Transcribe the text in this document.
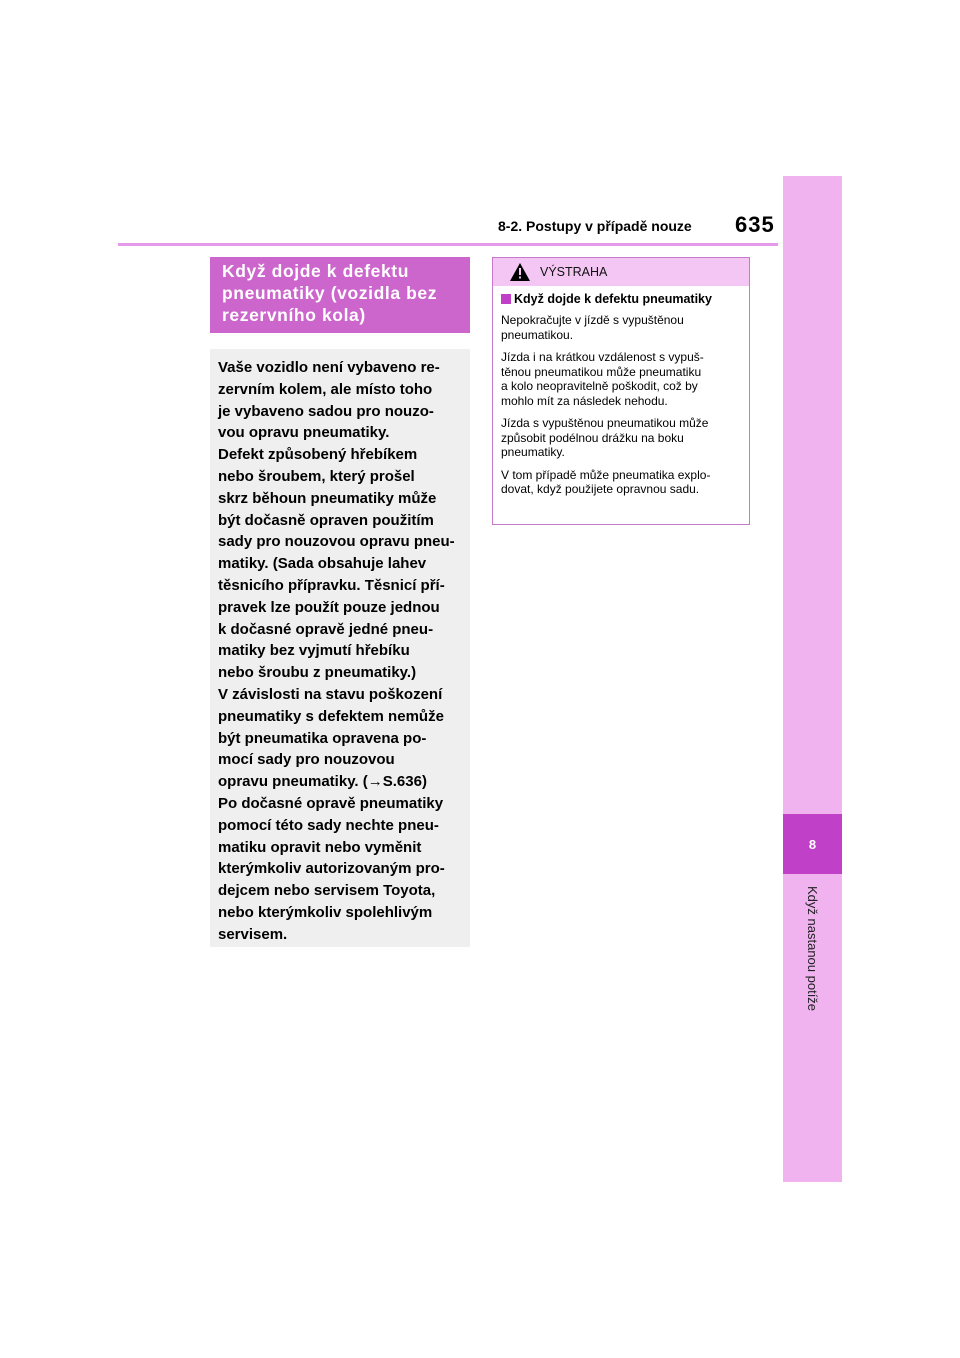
8-2. Postupy v případě nouze 635
8
Když nastanou potíže
Když dojde k defektu
pneumatiky (vozidla bez
rezervního kola)
Vaše vozidlo není vybaveno re-
zervním kolem, ale místo toho
je vybaveno sadou pro nouzo-
vou opravu pneumatiky.
Defekt způsobený hřebíkem
nebo šroubem, který prošel
skrz běhoun pneumatiky může
být dočasně opraven použitím
sady pro nouzovou opravu pneu-
matiky. (Sada obsahuje lahev
těsnicího přípravku. Těsnicí pří-
pravek lze použít pouze jednou
k dočasné opravě jedné pneu-
matiky bez vyjmutí hřebíku
nebo šroubu z pneumatiky.)
V závislosti na stavu poškození
pneumatiky s defektem nemůže
být pneumatika opravena po-
mocí sady pro nouzovou
opravu pneumatiky. (→S.636)
Po dočasné opravě pneumatiky
pomocí této sady nechte pneu-
matiku opravit nebo vyměnit
kterýmkoliv autorizovaným pro-
dejcem nebo servisem Toyota,
nebo kterýmkoliv spolehlivým
servisem.
VÝSTRAHA
Když dojde k defektu pneumatiky
Nepokračujte v jízdě s vypuštěnou
pneumatikou.
Jízda i na krátkou vzdálenost s vypuš-
těnou pneumatikou může pneumatiku
a kolo neopravitelně poškodit, což by
mohlo mít za následek nehodu.
Jízda s vypuštěnou pneumatikou může
způsobit podélnou drážku na boku
pneumatiky.
V tom případě může pneumatika explo-
dovat, když použijete opravnou sadu.
